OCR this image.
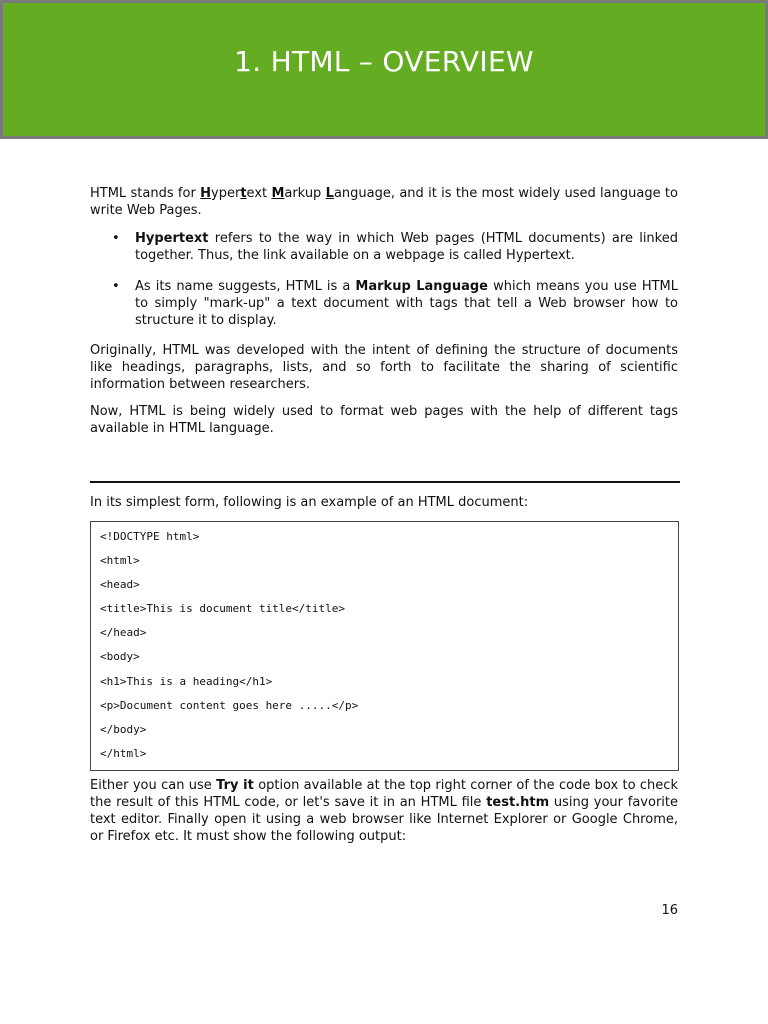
1. HTML – OVERVIEW

HTML stands for Hypertext Markup Language, and it is the most widely used language to write Web Pages.

• Hypertext refers to the way in which Web pages (HTML documents) are linked together. Thus, the link available on a webpage is called Hypertext.
• As its name suggests, HTML is a Markup Language which means you use HTML to simply "mark-up" a text document with tags that tell a Web browser how to structure it to display.

Originally, HTML was developed with the intent of defining the structure of documents like headings, paragraphs, lists, and so forth to facilitate the sharing of scientific information between researchers.

Now, HTML is being widely used to format web pages with the help of different tags available in HTML language.

In its simplest form, following is an example of an HTML document:

<!DOCTYPE html>
<html>
<head>
<title>This is document title</title>
</head>
<body>
<h1>This is a heading</h1>
<p>Document content goes here .....</p>
</body>
</html>

Either you can use Try it option available at the top right corner of the code box to check the result of this HTML code, or let's save it in an HTML file test.htm using your favorite text editor. Finally open it using a web browser like Internet Explorer or Google Chrome, or Firefox etc. It must show the following output:

16
